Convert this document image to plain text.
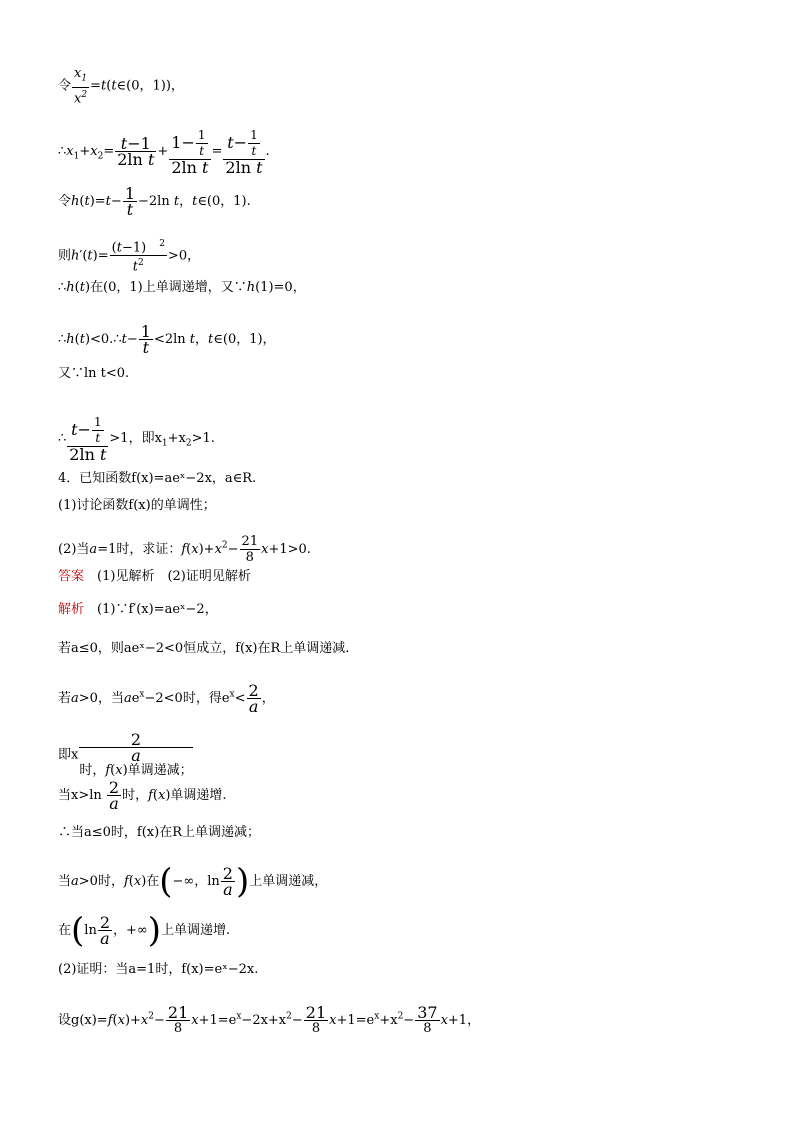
令 $\frac{x_1}{x^2}$ =t(t∈(0，1))，
$\therefore x_1+x_2= \frac{t-1}{\text{2ln t}} + \frac{1- \frac{1}{t}}{\text{2ln t}} = \frac{t- \frac{1}{t}}{\text{2ln t}}$ .
令$h(t)=t- \frac{1}{t} -2\ln$ t，t∈(0，1).
则$h'(t)= \frac{(t-1) ^2}{t^2} >0$，
∴h(t)在(0，1)上单调递增，又∵h(1)=0，
∴h(t)<0.∴t− $\frac{1}{t} <2\ln$ t，t∈(0，1)，
又∵ln t<0.
∴ $\frac{t- \frac{1}{t}}{\text{2ln t}} >1$，即$x_1+x_2>1$.
4．已知函数f(x)=aeˣ−2x，a∈R.
(1)讨论函数f(x)的单调性；
(2)当a=1时，求证：$f(x)+x^2- \frac{21}{8} x+1>0$.
答案　 (1)见解析　(2)证明见解析
解析　 (1)∵f′(x)=aeˣ−2，
若a≤0，则aeˣ−2<0恒成立，f(x)在R上单调递减.
若a>0，当$ae^x-2<0$时，得$e^x< \frac{2}{a}$ ，
即x
2
a
时，f(x)单调递减；
当$x>\ln \frac{2}{a}$ 时，f(x)单调递增.
∴当a≤0时，f(x)在R上单调递减；
当a>0时，f(x)在(−∞，$\ln \frac{2}{a}$ )上单调递减，
在($\ln \frac{2}{a}$ ，+∞)上单调递增.
(2)证明：当a=1时，f(x)=eˣ−2x.
设$g(x)=f(x)+x^2- \frac{21}{8} x+1=e^x-2x+x^2- \frac{21}{8} x+1=e^x+x^2- \frac{37}{8} x+1$，
